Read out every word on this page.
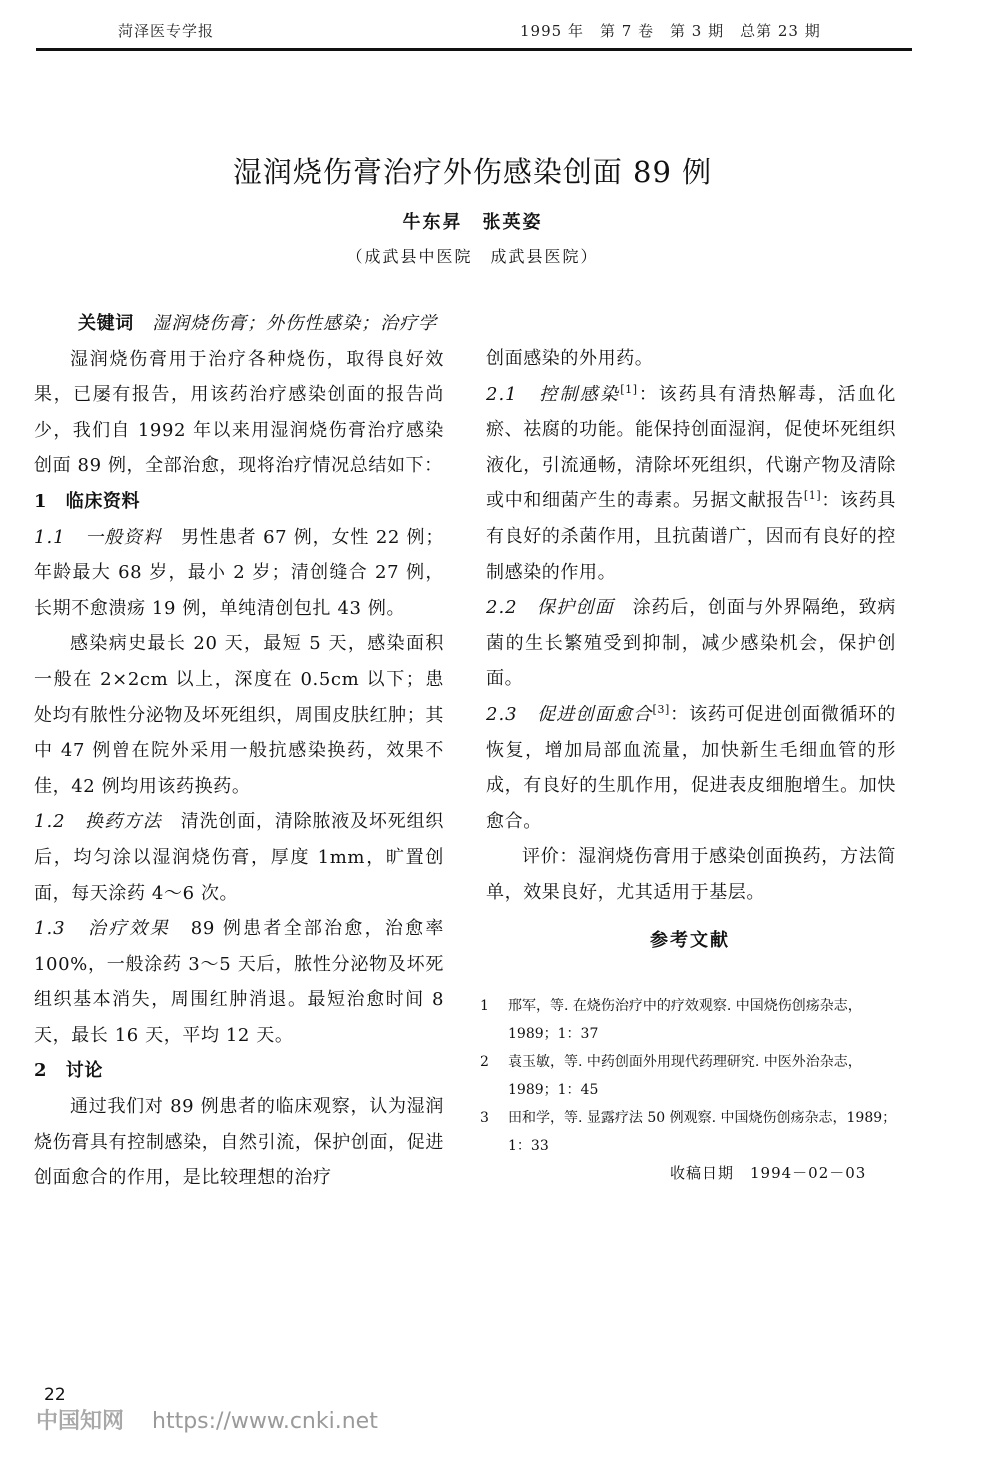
菏泽医专学报	1995 年　第 7 卷　第 3 期　总第 23 期
湿润烧伤膏治疗外伤感染创面 89 例
牛东昇　张英姿
（成武县中医院　成武县医院）

关键词 湿润烧伤膏；外伤性感染；治疗学

湿润烧伤膏用于治疗各种烧伤，取得良好效果，已屡有报告，用该药治疗感染创面的报告尚少，我们自 1992 年以来用湿润烧伤膏治疗感染创面 89 例，全部治愈，现将治疗情况总结如下：

1　临床资料

1.1　一般资料　男性患者 67 例，女性 22 例；年龄最大 68 岁，最小 2 岁；清创缝合 27 例，长期不愈溃疡 19 例，单纯清创包扎 43 例。

感染病史最长 20 天，最短 5 天，感染面积一般在 2×2cm 以上，深度在 0.5cm 以下；患处均有脓性分泌物及坏死组织，周围皮肤红肿；其中 47 例曾在院外采用一般抗感染换药，效果不佳，42 例均用该药换药。

1.2　换药方法　清洗创面，清除脓液及坏死组织后，均匀涂以湿润烧伤膏，厚度 1mm，旷置创面，每天涂药 4～6 次。

1.3　治疗效果　89 例患者全部治愈，治愈率 100%，一般涂药 3～5 天后，脓性分泌物及坏死组织基本消失，周围红肿消退。最短治愈时间 8 天，最长 16 天，平均 12 天。

2　讨论

通过我们对 89 例患者的临床观察，认为湿润烧伤膏具有控制感染，自然引流，保护创面，促进创面愈合的作用，是比较理想的治疗

创面感染的外用药。

2.1　控制感染[1]：该药具有清热解毒，活血化瘀、祛腐的功能。能保持创面湿润，促使坏死组织液化，引流通畅，清除坏死组织，代谢产物及清除或中和细菌产生的毒素。另据文献报告[1]：该药具有良好的杀菌作用，且抗菌谱广，因而有良好的控制感染的作用。

2.2　保护创面　涂药后，创面与外界隔绝，致病菌的生长繁殖受到抑制，减少感染机会，保护创面。

2.3　促进创面愈合[3]：该药可促进创面微循环的恢复，增加局部血流量，加快新生毛细血管的形成，有良好的生肌作用，促进表皮细胞增生。加快愈合。

评价：湿润烧伤膏用于感染创面换药，方法简单，效果良好，尤其适用于基层。

参考文献
1	邢军，等. 在烧伤治疗中的疗效观察. 中国烧伤创疡杂志，1989；1：37
2	袁玉敏，等. 中药创面外用现代药理研究. 中医外治杂志，1989；1：45
3	田和学，等. 显露疗法 50 例观察. 中国烧伤创疡杂志，1989；1：33
收稿日期　1994－02－03
22
中国知网 https://www.cnki.net
